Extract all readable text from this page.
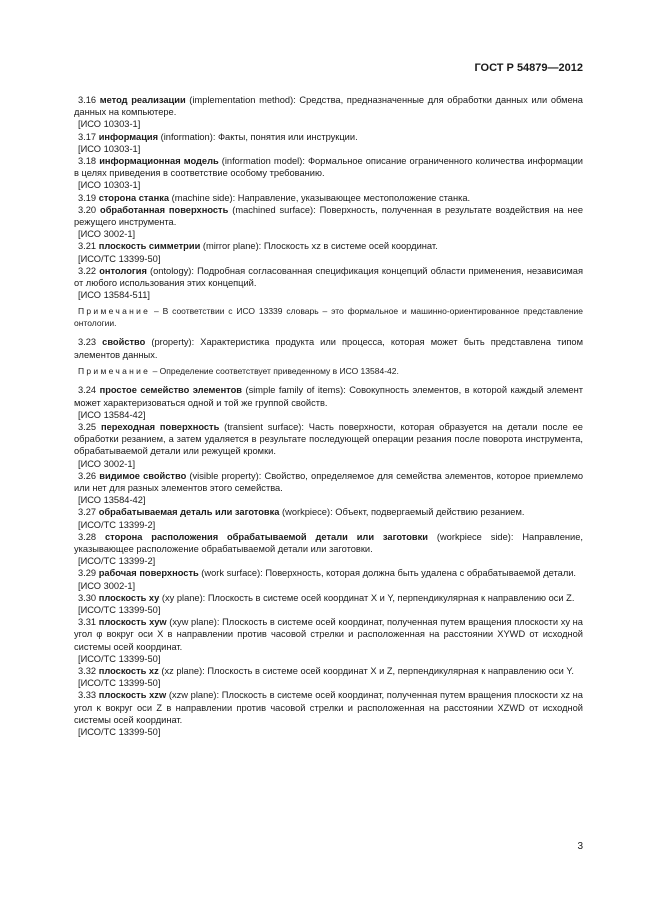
ГОСТ Р 54879—2012
3.16 метод реализации (implementation method): Средства, предназначенные для обработки данных или обмена данных на компьютере.
[ИСО 10303-1]
3.17 информация (information): Факты, понятия или инструкции.
[ИСО 10303-1]
3.18 информационная модель (information model): Формальное описание ограниченного количества информации в целях приведения в соответствие особому требованию.
[ИСО 10303-1]
3.19 сторона станка (machine side): Направление, указывающее местоположение станка.
3.20 обработанная поверхность (machined surface): Поверхность, полученная в результате воздействия на нее режущего инструмента.
[ИСО 3002-1]
3.21 плоскость симметрии (mirror plane): Плоскость xz в системе осей координат.
[ИСО/ТС 13399-50]
3.22 онтология (ontology): Подробная согласованная спецификация концепций области применения, независимая от любого использования этих концепций.
[ИСО 13584-511]
Примечание – В соответствии с ИСО 13339 словарь – это формальное и машинно-ориентированное представление онтологии.
3.23 свойство (property): Характеристика продукта или процесса, которая может быть представлена типом элементов данных.
Примечание – Определение соответствует приведенному в ИСО 13584-42.
3.24 простое семейство элементов (simple family of items): Совокупность элементов, в которой каждый элемент может характеризоваться одной и той же группой свойств.
[ИСО 13584-42]
3.25 переходная поверхность (transient surface): Часть поверхности, которая образуется на детали после ее обработки резанием, а затем удаляется в результате последующей операции резания после поворота инструмента, обрабатываемой детали или режущей кромки.
[ИСО 3002-1]
3.26 видимое свойство (visible property): Свойство, определяемое для семейства элементов, которое приемлемо или нет для разных элементов этого семейства.
[ИСО 13584-42]
3.27 обрабатываемая деталь или заготовка (workpiece): Объект, подвергаемый действию резанием.
[ИСО/ТС 13399-2]
3.28 сторона расположения обрабатываемой детали или заготовки (workpiece side): Направление, указывающее расположение обрабатываемой детали или заготовки.
[ИСО/ТС 13399-2]
3.29 рабочая поверхность (work surface): Поверхность, которая должна быть удалена с обрабатываемой детали.
[ИСО 3002-1]
3.30 плоскость xy (xy plane): Плоскость в системе осей координат X и Y, перпендикулярная к направлению оси Z.
[ИСО/ТС 13399-50]
3.31 плоскость xyw (xyw plane): Плоскость в системе осей координат, полученная путем вращения плоскости xy на угол φ вокруг оси X в направлении против часовой стрелки и расположенная на расстоянии XYWD от исходной системы осей координат.
[ИСО/ТС 13399-50]
3.32 плоскость xz (xz plane): Плоскость в системе осей координат X и Z, перпендикулярная к направлению оси Y.
[ИСО/ТС 13399-50]
3.33 плоскость xzw (xzw plane): Плоскость в системе осей координат, полученная путем вращения плоскости xz на угол κ вокруг оси Z в направлении против часовой стрелки и расположенная на расстоянии XZWD от исходной системы осей координат.
[ИСО/ТС 13399-50]
3
